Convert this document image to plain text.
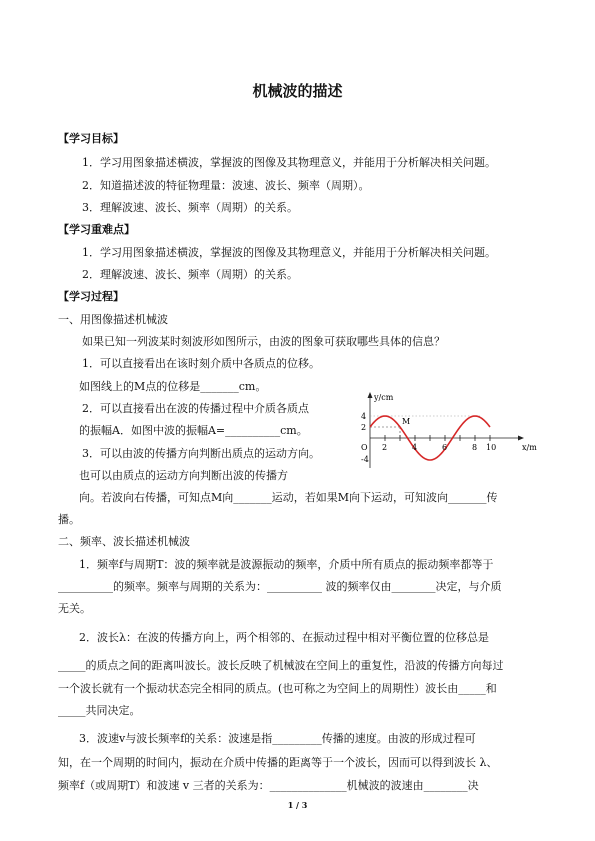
机械波的描述
【学习目标】
1．学习用图象描述横波，掌握波的图像及其物理意义，并能用于分析解决相关问题。
2．知道描述波的特征物理量：波速、波长、频率（周期）。
3．理解波速、波长、频率（周期）的关系。
【学习重难点】
1．学习用图象描述横波，掌握波的图像及其物理意义，并能用于分析解决相关问题。
2．理解波速、波长、频率（周期）的关系。
【学习过程】
一、用图像描述机械波
如果已知一列波某时刻波形如图所示，由波的图象可获取哪些具体的信息？
1．可以直接看出在该时刻介质中各质点的位移。
如图线上的M点的位移是_______cm。
2．可以直接看出在波的传播过程中介质各质点
的振幅A．如图中波的振幅A=__________cm。
3．可以由波的传播方向判断出质点的运动方向。
也可以由质点的运动方向判断出波的传播方
向。若波向右传播，可知点M向_______运动，若如果M向下运动，可知波向_______传
播。
y/cm
x/m
O
M
4
2
-4
2	4	6	8 10
二、频率、波长描述机械波
1．频率f与周期T：波的频率就是波源振动的频率，介质中所有质点的振动频率都等于
__________的频率。频率与周期的关系为：__________ 波的频率仅由________决定，与介质
无关。
2．波长λ：在波的传播方向上，两个相邻的、在振动过程中相对平衡位置的位移总是
_____的质点之间的距离叫波长。波长反映了机械波在空间上的重复性，沿波的传播方向每过
一个波长就有一个振动状态完全相同的质点。(也可称之为空间上的周期性）波长由_____和
_____共同决定。
3．波速v与波长频率f的关系：波速是指_________传播的速度。由波的形成过程可
知，在一个周期的时间内，振动在介质中传播的距离等于一个波长，因而可以得到波长 λ、
频率f（或周期T）和波速 v 三者的关系为：______________机械波的波速由________决
1 / 3
